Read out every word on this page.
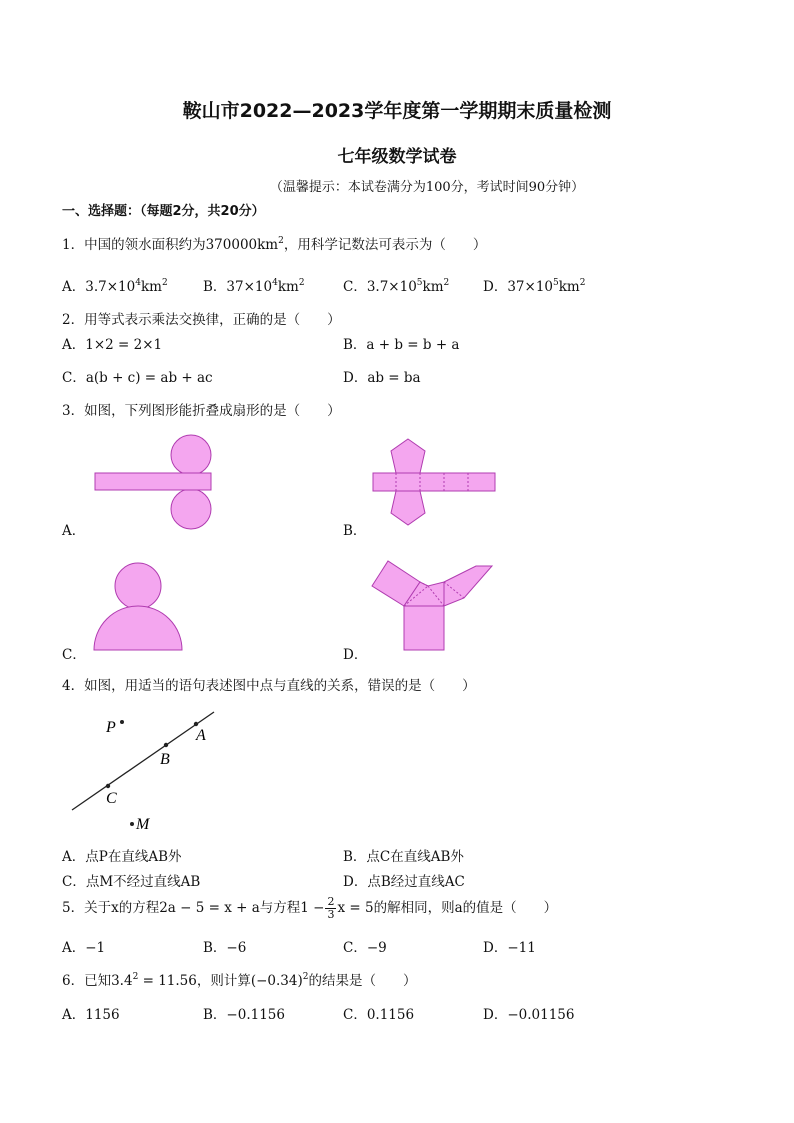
鞍山市2022—2023学年度第一学期期末质量检测
七年级数学试卷
（温馨提示：本试卷满分为100分，考试时间90分钟）
一、选择题：（每题2分，共20分）
1．中国的领水面积约为$370000km^2$，用科学记数法可表示为（　　）
A．$3.7\times 10^4km^2$	B．$37\times 10^4km^2$	C．$3.7\times 10^5km^2$	D．$37\times 10^5km^2$
2．用等式表示乘法交换律，正确的是（　　）
A．1×2 = 2×1	B．a + b = b + a
C．a(b + c) = ab + ac	D．ab = ba
3．如图，下列图形能折叠成扇形的是（　　）
A．	B．
C．	D．
4．如图，用适当的语句表述图中点与直线的关系，错误的是（　　）
P	A
B
C
M
A．点P在直线AB外	B．点C在直线AB外
C．点M不经过直线AB	D．点B经过直线AC
5．关于x的方程2a − 5 = x + a与方程$1 - \frac{2}{3}$ x = 5的解相同，则a的值是（　　）
A．−1	B．−6	C．−9	D．−11
6．已知$3.4^2 = 11.56$，则计算$(-0.34)^2$的结果是（　　）
A．1156	B．−0.1156	C．0.1156	D．−0.01156
